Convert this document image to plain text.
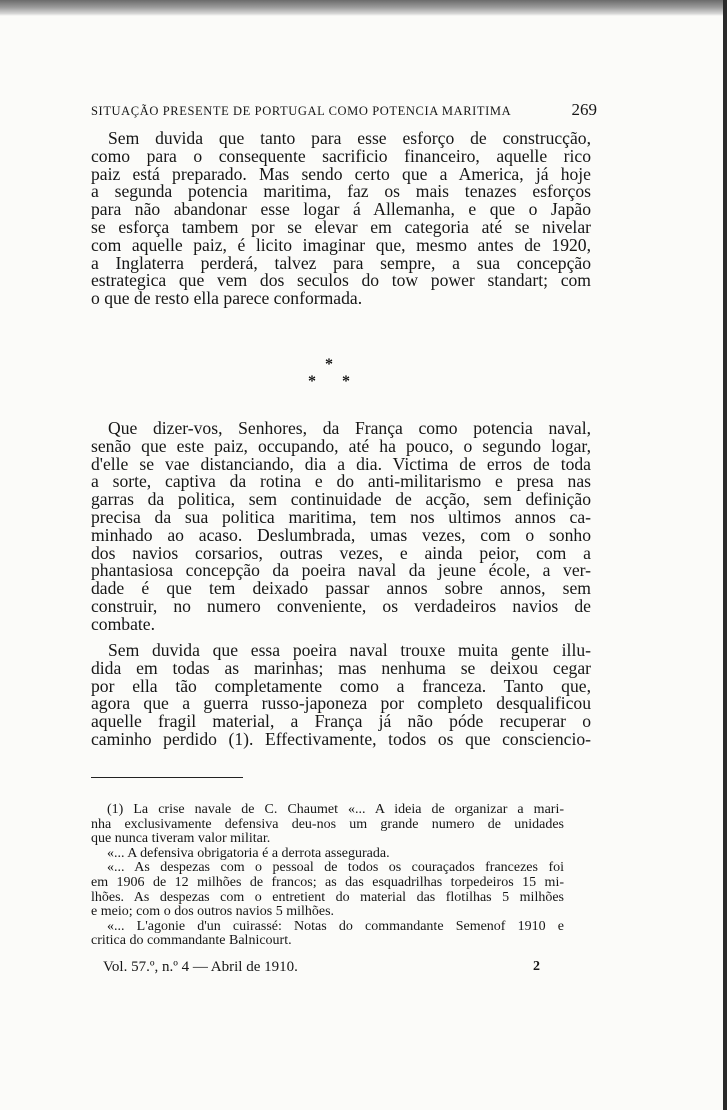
SITUAÇÃO PRESENTE DE PORTUGAL COMO POTENCIA MARITIMA	269

Sem duvida que tanto para esse esforço de construcção,
como para o consequente sacrificio financeiro, aquelle rico
paiz está preparado. Mas sendo certo que a America, já hoje
a segunda potencia maritima, faz os mais tenazes esforços
para não abandonar esse logar á Allemanha, e que o Japão
se esforça tambem por se elevar em categoria até se nivelar
com aquelle paiz, é licito imaginar que, mesmo antes de 1920,
a Inglaterra perderá, talvez para sempre, a sua concepção
estrategica que vem dos seculos do tow power standart; com
o que de resto ella parece conformada.

*
* *

Que dizer-vos, Senhores, da França como potencia naval,
senão que este paiz, occupando, até ha pouco, o segundo logar,
d'elle se vae distanciando, dia a dia. Victima de erros de toda
a sorte, captiva da rotina e do anti-militarismo e presa nas
garras da politica, sem continuidade de acção, sem definição
precisa da sua politica maritima, tem nos ultimos annos ca-
minhado ao acaso. Deslumbrada, umas vezes, com o sonho
dos navios corsarios, outras vezes, e ainda peior, com a
phantasiosa concepção da poeira naval da jeune école, a ver-
dade é que tem deixado passar annos sobre annos, sem
construir, no numero conveniente, os verdadeiros navios de
combate.

Sem duvida que essa poeira naval trouxe muita gente illu-
dida em todas as marinhas; mas nenhuma se deixou cegar
por ella tão completamente como a franceza. Tanto que,
agora que a guerra russo-japoneza por completo desqualificou
aquelle fragil material, a França já não póde recuperar o
caminho perdido (1). Effectivamente, todos os que consciencio-

(1) La crise navale de C. Chaumet «... A ideia de organizar a mari-
nha exclusivamente defensiva deu-nos um grande numero de unidades
que nunca tiveram valor militar.
«... A defensiva obrigatoria é a derrota assegurada.
«... As despezas com o pessoal de todos os couraçados francezes foi
em 1906 de 12 milhões de francos; as das esquadrilhas torpedeiros 15 mi-
lhões. As despezas com o entretient do material das flotilhas 5 milhões
e meio; com o dos outros navios 5 milhões.
«... L'agonie d'un cuirassé: Notas do commandante Semenof 1910 e
critica do commandante Balnicourt.

Vol. 57.º, n.º 4 — Abril de 1910.	2
